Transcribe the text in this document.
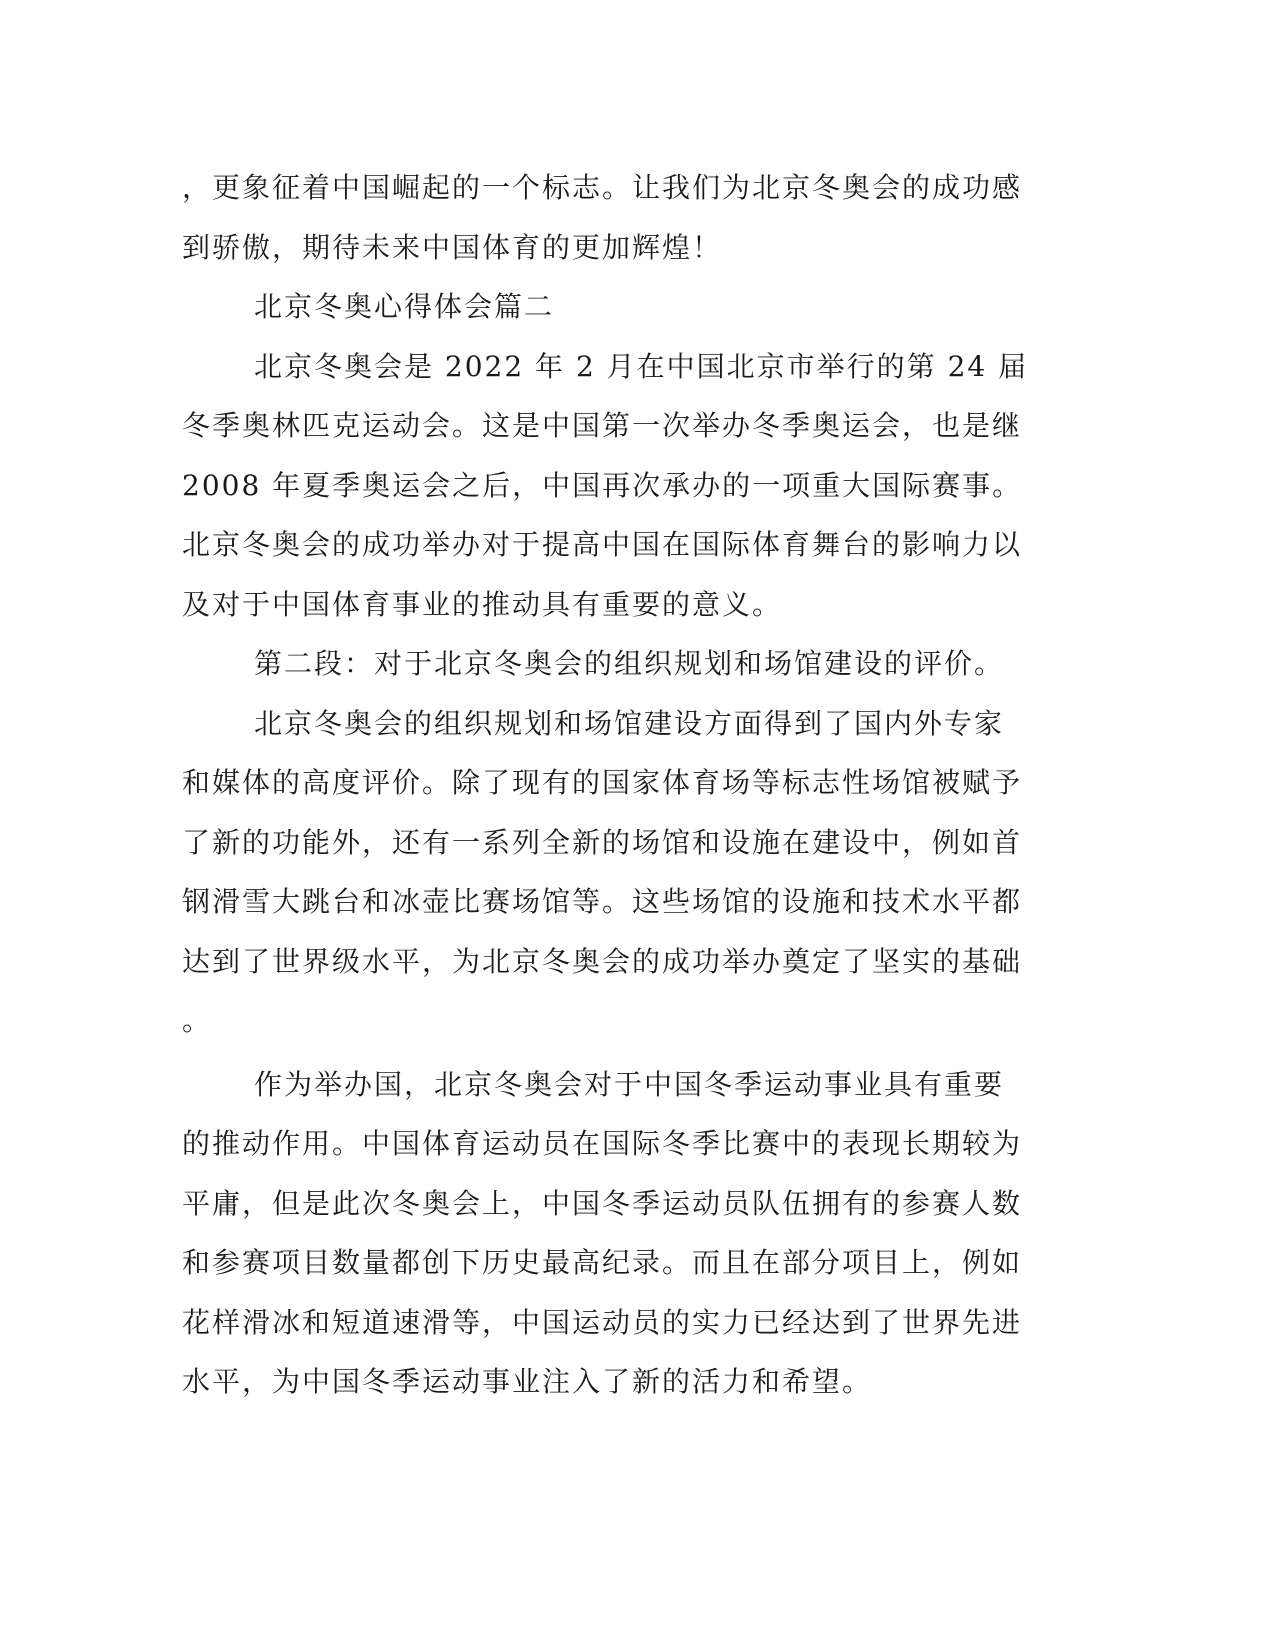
，更象征着中国崛起的一个标志。让我们为北京冬奥会的成功感到骄傲，期待未来中国体育的更加辉煌！

北京冬奥心得体会篇二

北京冬奥会是 2022 年 2 月在中国北京市举行的第 24 届冬季奥林匹克运动会。这是中国第一次举办冬季奥运会，也是继 2008 年夏季奥运会之后，中国再次承办的一项重大国际赛事。北京冬奥会的成功举办对于提高中国在国际体育舞台的影响力以及对于中国体育事业的推动具有重要的意义。

第二段：对于北京冬奥会的组织规划和场馆建设的评价。

北京冬奥会的组织规划和场馆建设方面得到了国内外专家和媒体的高度评价。除了现有的国家体育场等标志性场馆被赋予了新的功能外，还有一系列全新的场馆和设施在建设中，例如首钢滑雪大跳台和冰壶比赛场馆等。这些场馆的设施和技术水平都达到了世界级水平，为北京冬奥会的成功举办奠定了坚实的基础。

作为举办国，北京冬奥会对于中国冬季运动事业具有重要的推动作用。中国体育运动员在国际冬季比赛中的表现长期较为平庸，但是此次冬奥会上，中国冬季运动员队伍拥有的参赛人数和参赛项目数量都创下历史最高纪录。而且在部分项目上，例如花样滑冰和短道速滑等，中国运动员的实力已经达到了世界先进水平，为中国冬季运动事业注入了新的活力和希望。
